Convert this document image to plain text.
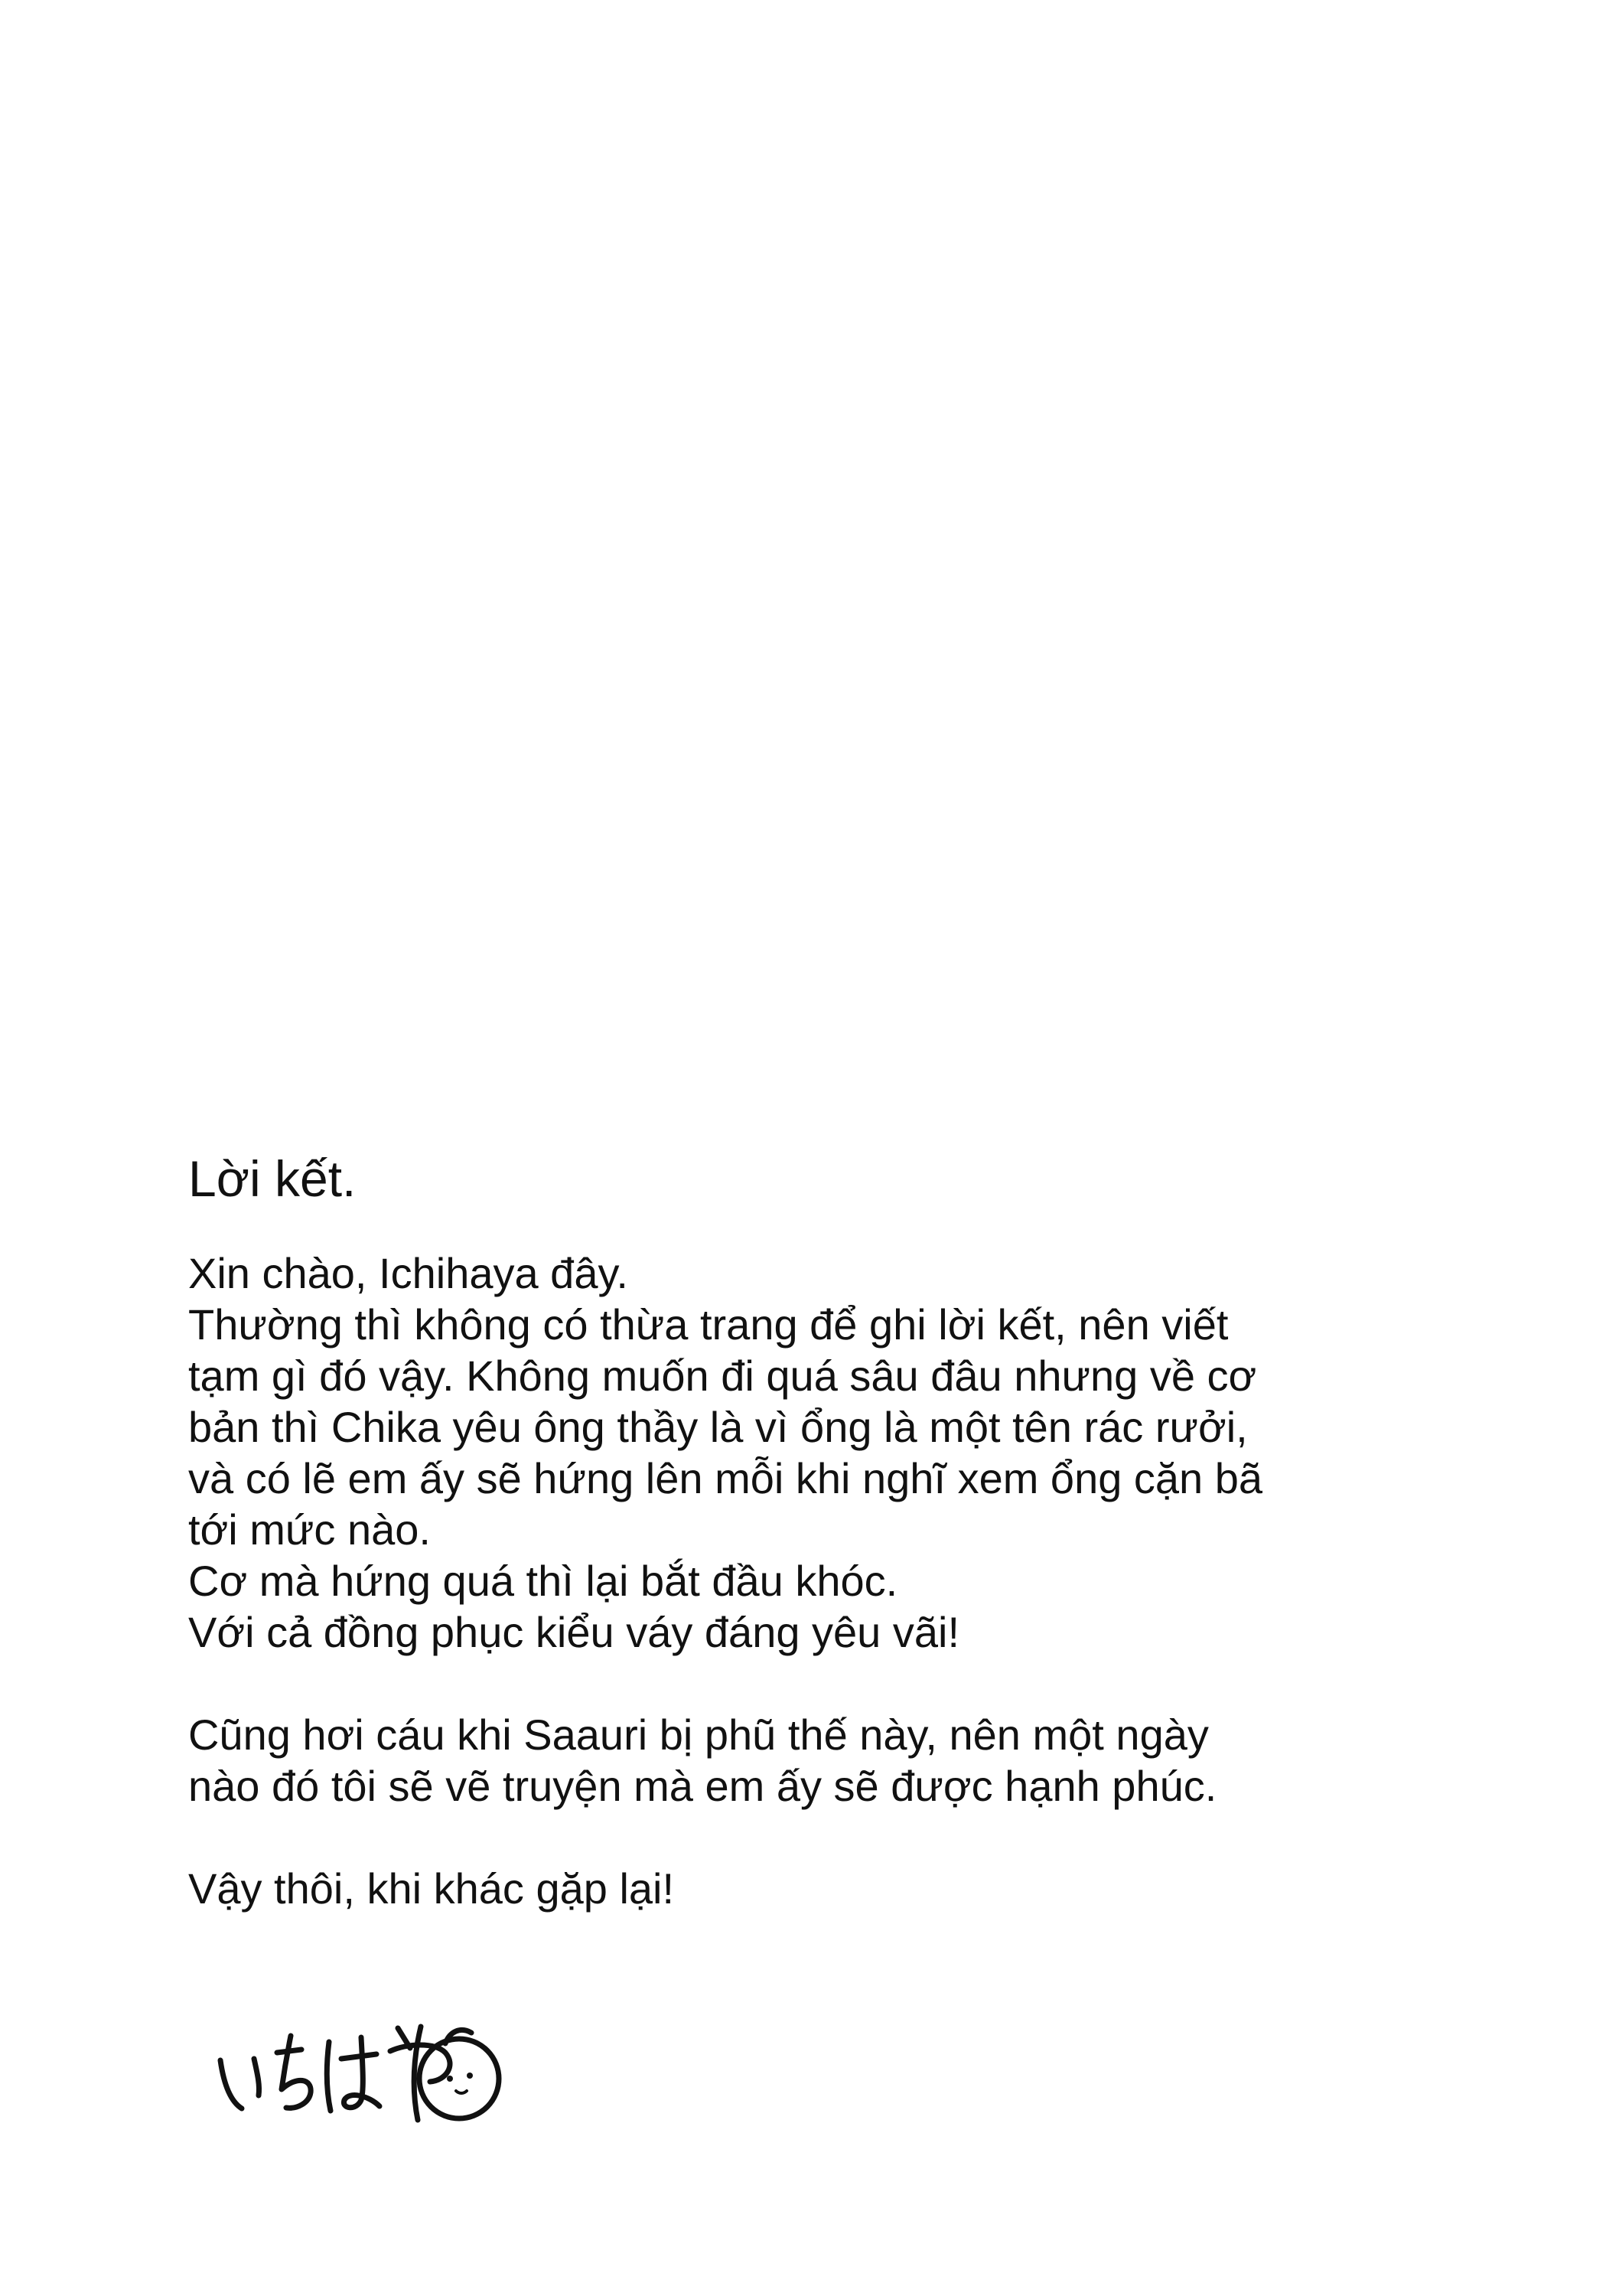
Lời kết.

Xin chào, Ichihaya đây.
Thường thì không có thừa trang để ghi lời kết, nên viết
tạm gì đó vậy. Không muốn đi quá sâu đâu nhưng về cơ
bản thì Chika yêu ông thầy là vì ổng là một tên rác rưởi,
và có lẽ em ấy sẽ hứng lên mỗi khi nghĩ xem ổng cặn bã
tới mức nào.
Cơ mà hứng quá thì lại bắt đầu khóc.
Với cả đồng phục kiểu váy đáng yêu vãi!

Cũng hơi cáu khi Saauri bị phũ thế này, nên một ngày
nào đó tôi sẽ vẽ truyện mà em ấy sẽ được hạnh phúc.

Vậy thôi, khi khác gặp lại!
